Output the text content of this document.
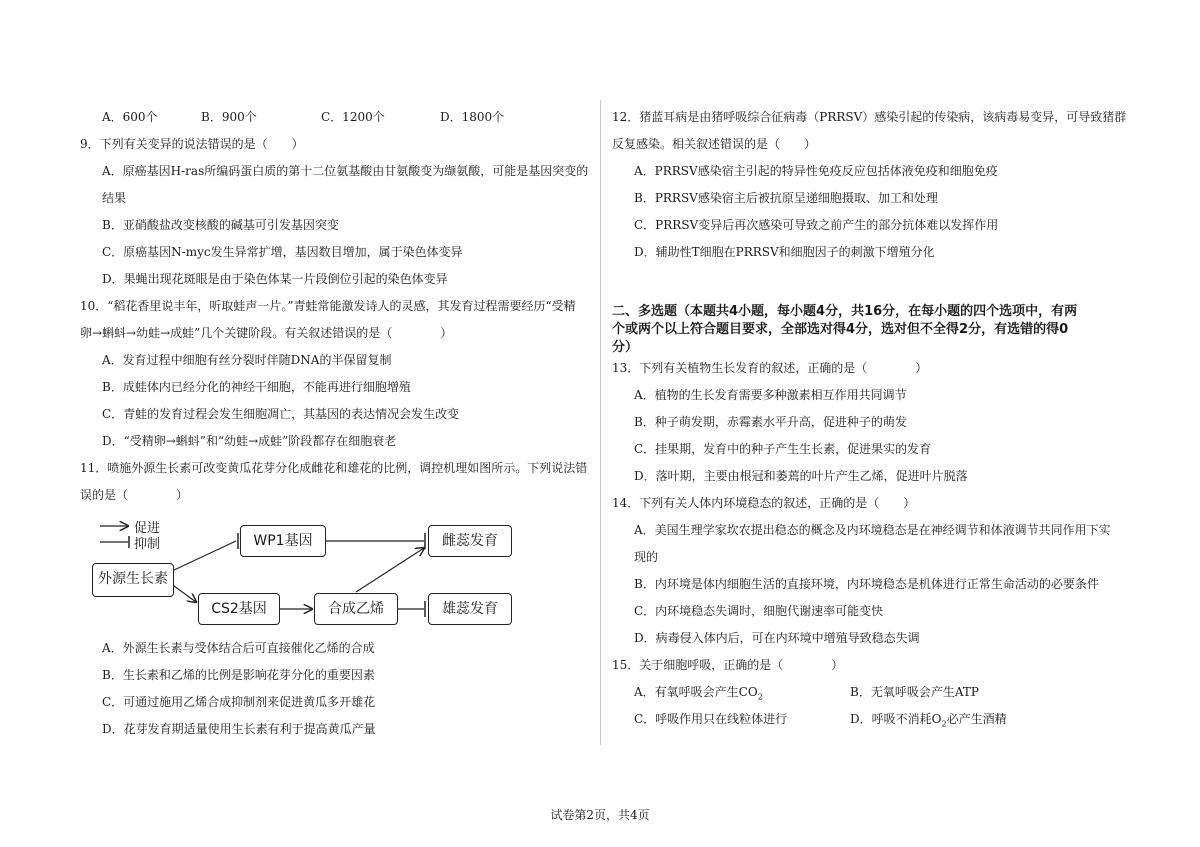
A．600个	B．900个	C．1200个	D．1800个
9．下列有关变异的说法错误的是（　　）
A．原癌基因H-ras所编码蛋白质的第十二位氨基酸由甘氨酸变为缬氨酸，可能是基因突变的
结果
B．亚硝酸盐改变核酸的碱基可引发基因突变
C．原癌基因N-myc发生异常扩增，基因数目增加，属于染色体变异
D．果蝇出现花斑眼是由于染色体某一片段倒位引起的染色体变异
10．“稻花香里说丰年，听取蛙声一片。”青蛙常能激发诗人的灵感，其发育过程需要经历“受精
卵→蝌蚪→幼蛙→成蛙”几个关键阶段。有关叙述错误的是（　　　　）
A．发育过程中细胞有丝分裂时伴随DNA的半保留复制
B．成蛙体内已经分化的神经干细胞，不能再进行细胞增殖
C．青蛙的发育过程会发生细胞凋亡，其基因的表达情况会发生改变
D．“受精卵→蝌蚪”和“幼蛙→成蛙”阶段都存在细胞衰老
11．喷施外源生长素可改变黄瓜花芽分化成雌花和雄花的比例，调控机理如图所示。下列说法错
误的是（　　　　）
A．外源生长素与受体结合后可直接催化乙烯的合成
B．生长素和乙烯的比例是影响花芽分化的重要因素
C．可通过施用乙烯合成抑制剂来促进黄瓜多开雄花
D．花芽发育期适量使用生长素有利于提高黄瓜产量
促进
抑制
外源生长素
WP1基因
CS2基因	合成乙烯
雌蕊发育
雄蕊发育
12．猪蓝耳病是由猪呼吸综合征病毒（PRRSV）感染引起的传染病，该病毒易变异，可导致猪群
反复感染。相关叙述错误的是（　　）
A．PRRSV感染宿主引起的特异性免疫反应包括体液免疫和细胞免疫
B．PRRSV感染宿主后被抗原呈递细胞摄取、加工和处理
C．PRRSV变异后再次感染可导致之前产生的部分抗体难以发挥作用
D．辅助性T细胞在PRRSV和细胞因子的刺激下增殖分化
二、多选题（本题共4小题，每小题4分，共16分，在每小题的四个选项中，有两
个或两个以上符合题目要求，全部选对得4分，选对但不全得2分，有选错的得0
分）
13．下列有关植物生长发育的叙述，正确的是（　　　　）
A．植物的生长发育需要多种激素相互作用共同调节
B．种子萌发期，赤霉素水平升高，促进种子的萌发
C．挂果期，发育中的种子产生生长素，促进果实的发育
D．落叶期，主要由根冠和萎蔫的叶片产生乙烯，促进叶片脱落
14．下列有关人体内环境稳态的叙述，正确的是（　　）
A．美国生理学家坎农提出稳态的概念及内环境稳态是在神经调节和体液调节共同作用下实
现的
B．内环境是体内细胞生活的直接环境，内环境稳态是机体进行正常生命活动的必要条件
C．内环境稳态失调时，细胞代谢速率可能变快
D．病毒侵入体内后，可在内环境中增殖导致稳态失调
15．关于细胞呼吸，正确的是（　　　　）
A．有氧呼吸会产生$CO_2$	B．无氧呼吸会产生ATP
C．呼吸作用只在线粒体进行	D．呼吸不消耗$O_2$必产生酒精
试卷第2页，共4页
